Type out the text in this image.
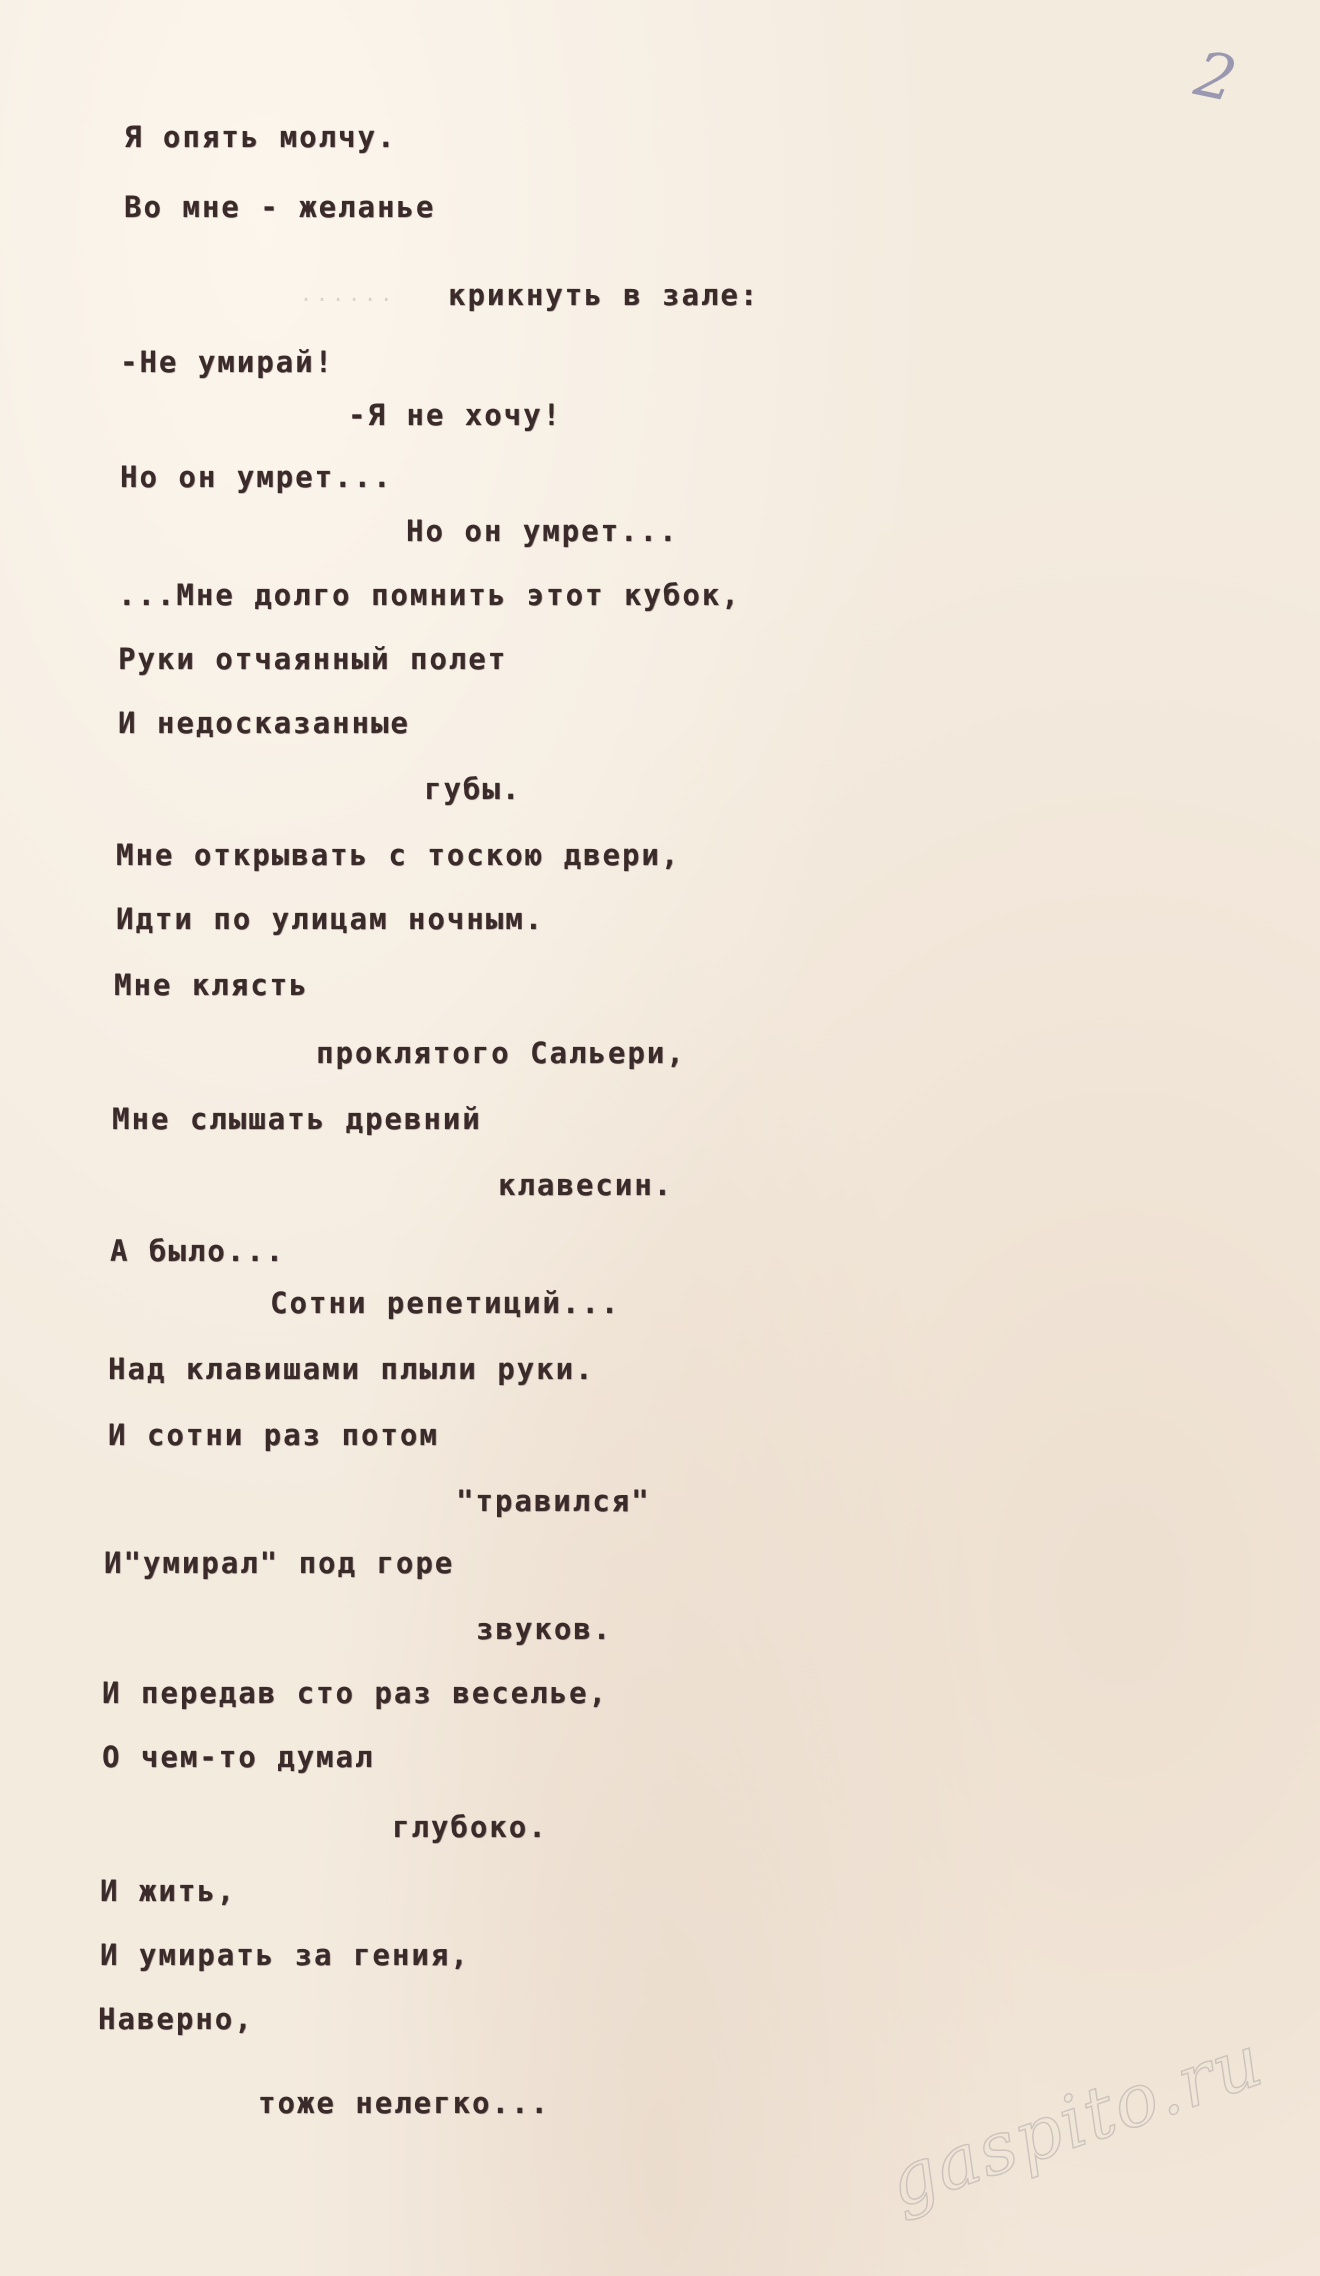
2
......
Я опять молчу.
Во мне - желанье
крикнуть в зале:
-Не умирай!
-Я не хочу!
Но он умрет...
Но он умрет...
...Мне долго помнить этот кубок,
Руки отчаянный полет
И недосказанные
губы.
Мне открывать с тоскою двери,
Идти по улицам ночным.
Мне клясть
проклятого Сальери,
Мне слышать древний
клавесин.
А было...
Сотни репетиций...
Над клавишами плыли руки.
И сотни раз потом
"травился"
И"умирал" под горе
звуков.
И передав сто раз веселье,
О чем-то думал
глубоко.
И жить,
И умирать за гения,
Наверно,
тоже нелегко...	gaspito.ru
